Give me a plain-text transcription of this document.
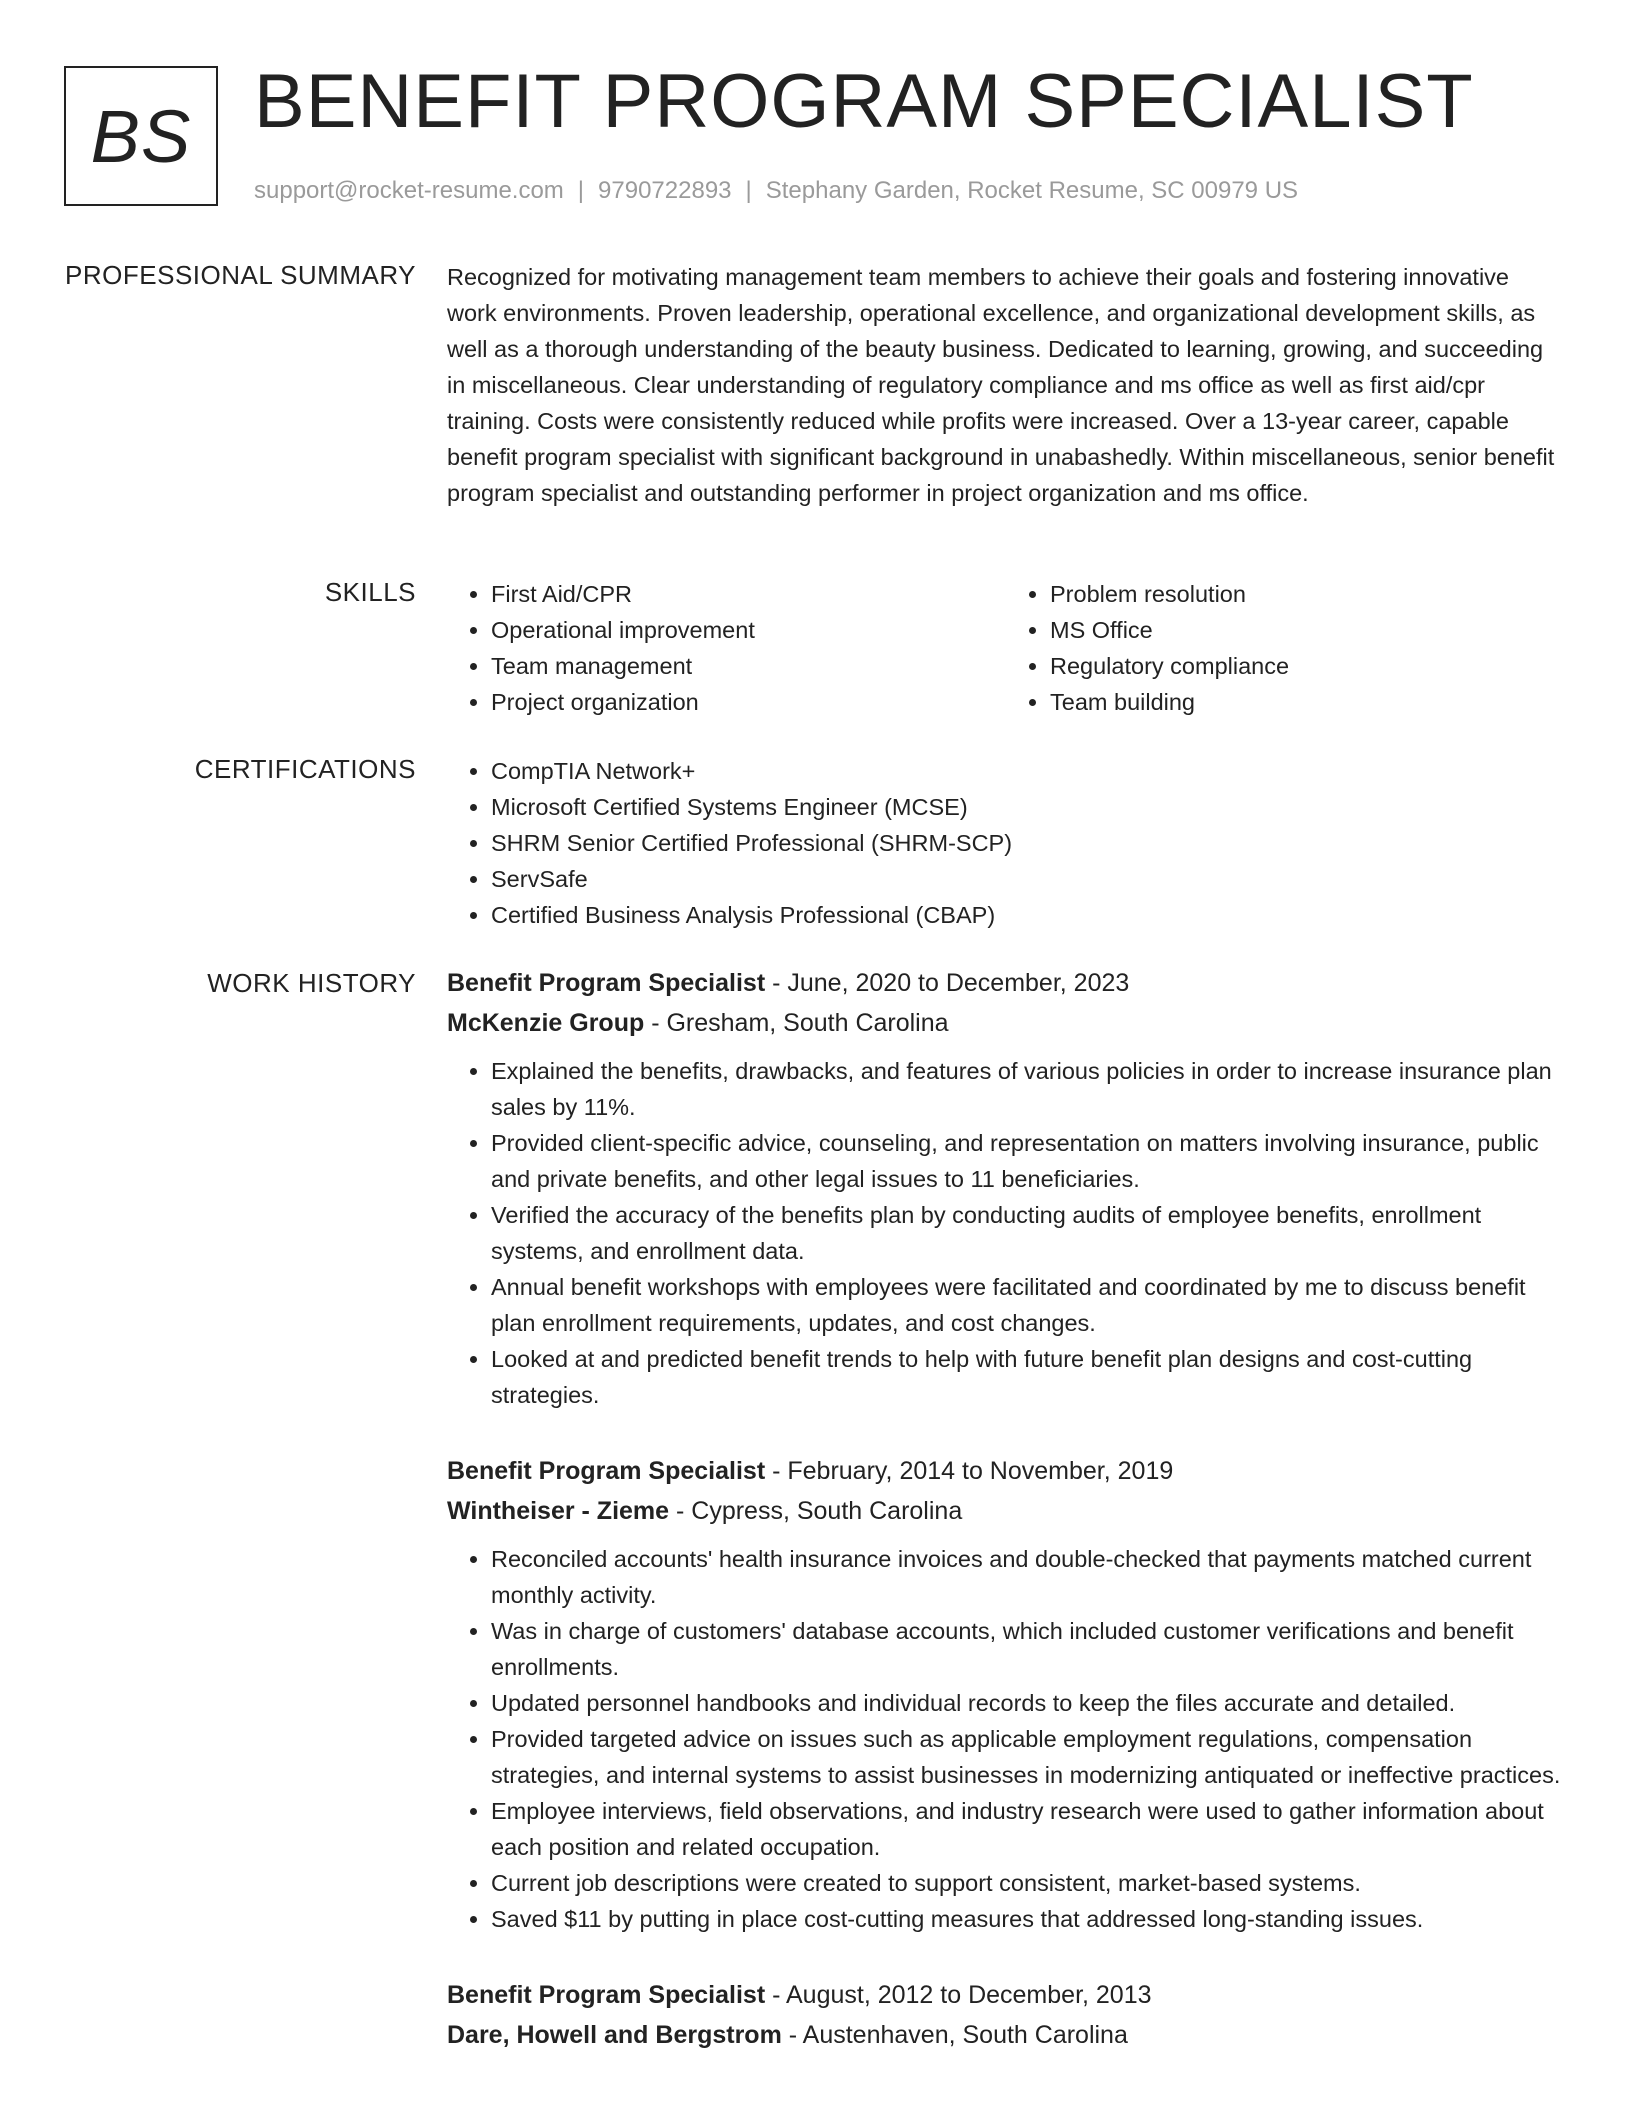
BS BENEFIT PROGRAM SPECIALIST
support@rocket-resume.com | 9790722893 | Stephany Garden, Rocket Resume, SC 00979 US
PROFESSIONAL SUMMARY Recognized for motivating management team members to achieve their goals and fostering innovative work environments. Proven leadership, operational excellence, and organizational development skills, as well as a thorough understanding of the beauty business. Dedicated to learning, growing, and succeeding in miscellaneous. Clear understanding of regulatory compliance and ms office as well as first aid/cpr training. Costs were consistently reduced while profits were increased. Over a 13-year career, capable benefit program specialist with significant background in unabashedly. Within miscellaneous, senior benefit program specialist and outstanding performer in project organization and ms office.

SKILLS	• First Aid/CPR
• Operational improvement
• Team management
• Project organization
• Problem resolution
• MS Office
• Regulatory compliance
• Team building
CERTIFICATIONS	• CompTIA Network+
• Microsoft Certified Systems Engineer (MCSE)
• SHRM Senior Certified Professional (SHRM-SCP)
• ServSafe
• Certified Business Analysis Professional (CBAP)
WORK HISTORY Benefit Program Specialist - June, 2020 to December, 2023
McKenzie Group - Gresham, South Carolina
• Explained the benefits, drawbacks, and features of various policies in order to increase insurance plan sales by 11%.
• Provided client-specific advice, counseling, and representation on matters involving insurance, public and private benefits, and other legal issues to 11 beneficiaries.
• Verified the accuracy of the benefits plan by conducting audits of employee benefits, enrollment systems, and enrollment data.
• Annual benefit workshops with employees were facilitated and coordinated by me to discuss benefit plan enrollment requirements, updates, and cost changes.
• Looked at and predicted benefit trends to help with future benefit plan designs and cost-cutting strategies.
Benefit Program Specialist - February, 2014 to November, 2019
Wintheiser - Zieme - Cypress, South Carolina
• Reconciled accounts' health insurance invoices and double-checked that payments matched current monthly activity.
• Was in charge of customers' database accounts, which included customer verifications and benefit enrollments.
• Updated personnel handbooks and individual records to keep the files accurate and detailed.
• Provided targeted advice on issues such as applicable employment regulations, compensation strategies, and internal systems to assist businesses in modernizing antiquated or ineffective practices.
• Employee interviews, field observations, and industry research were used to gather information about each position and related occupation.
• Current job descriptions were created to support consistent, market-based systems.
• Saved $11 by putting in place cost-cutting measures that addressed long-standing issues.
Benefit Program Specialist - August, 2012 to December, 2013
Dare, Howell and Bergstrom - Austenhaven, South Carolina
